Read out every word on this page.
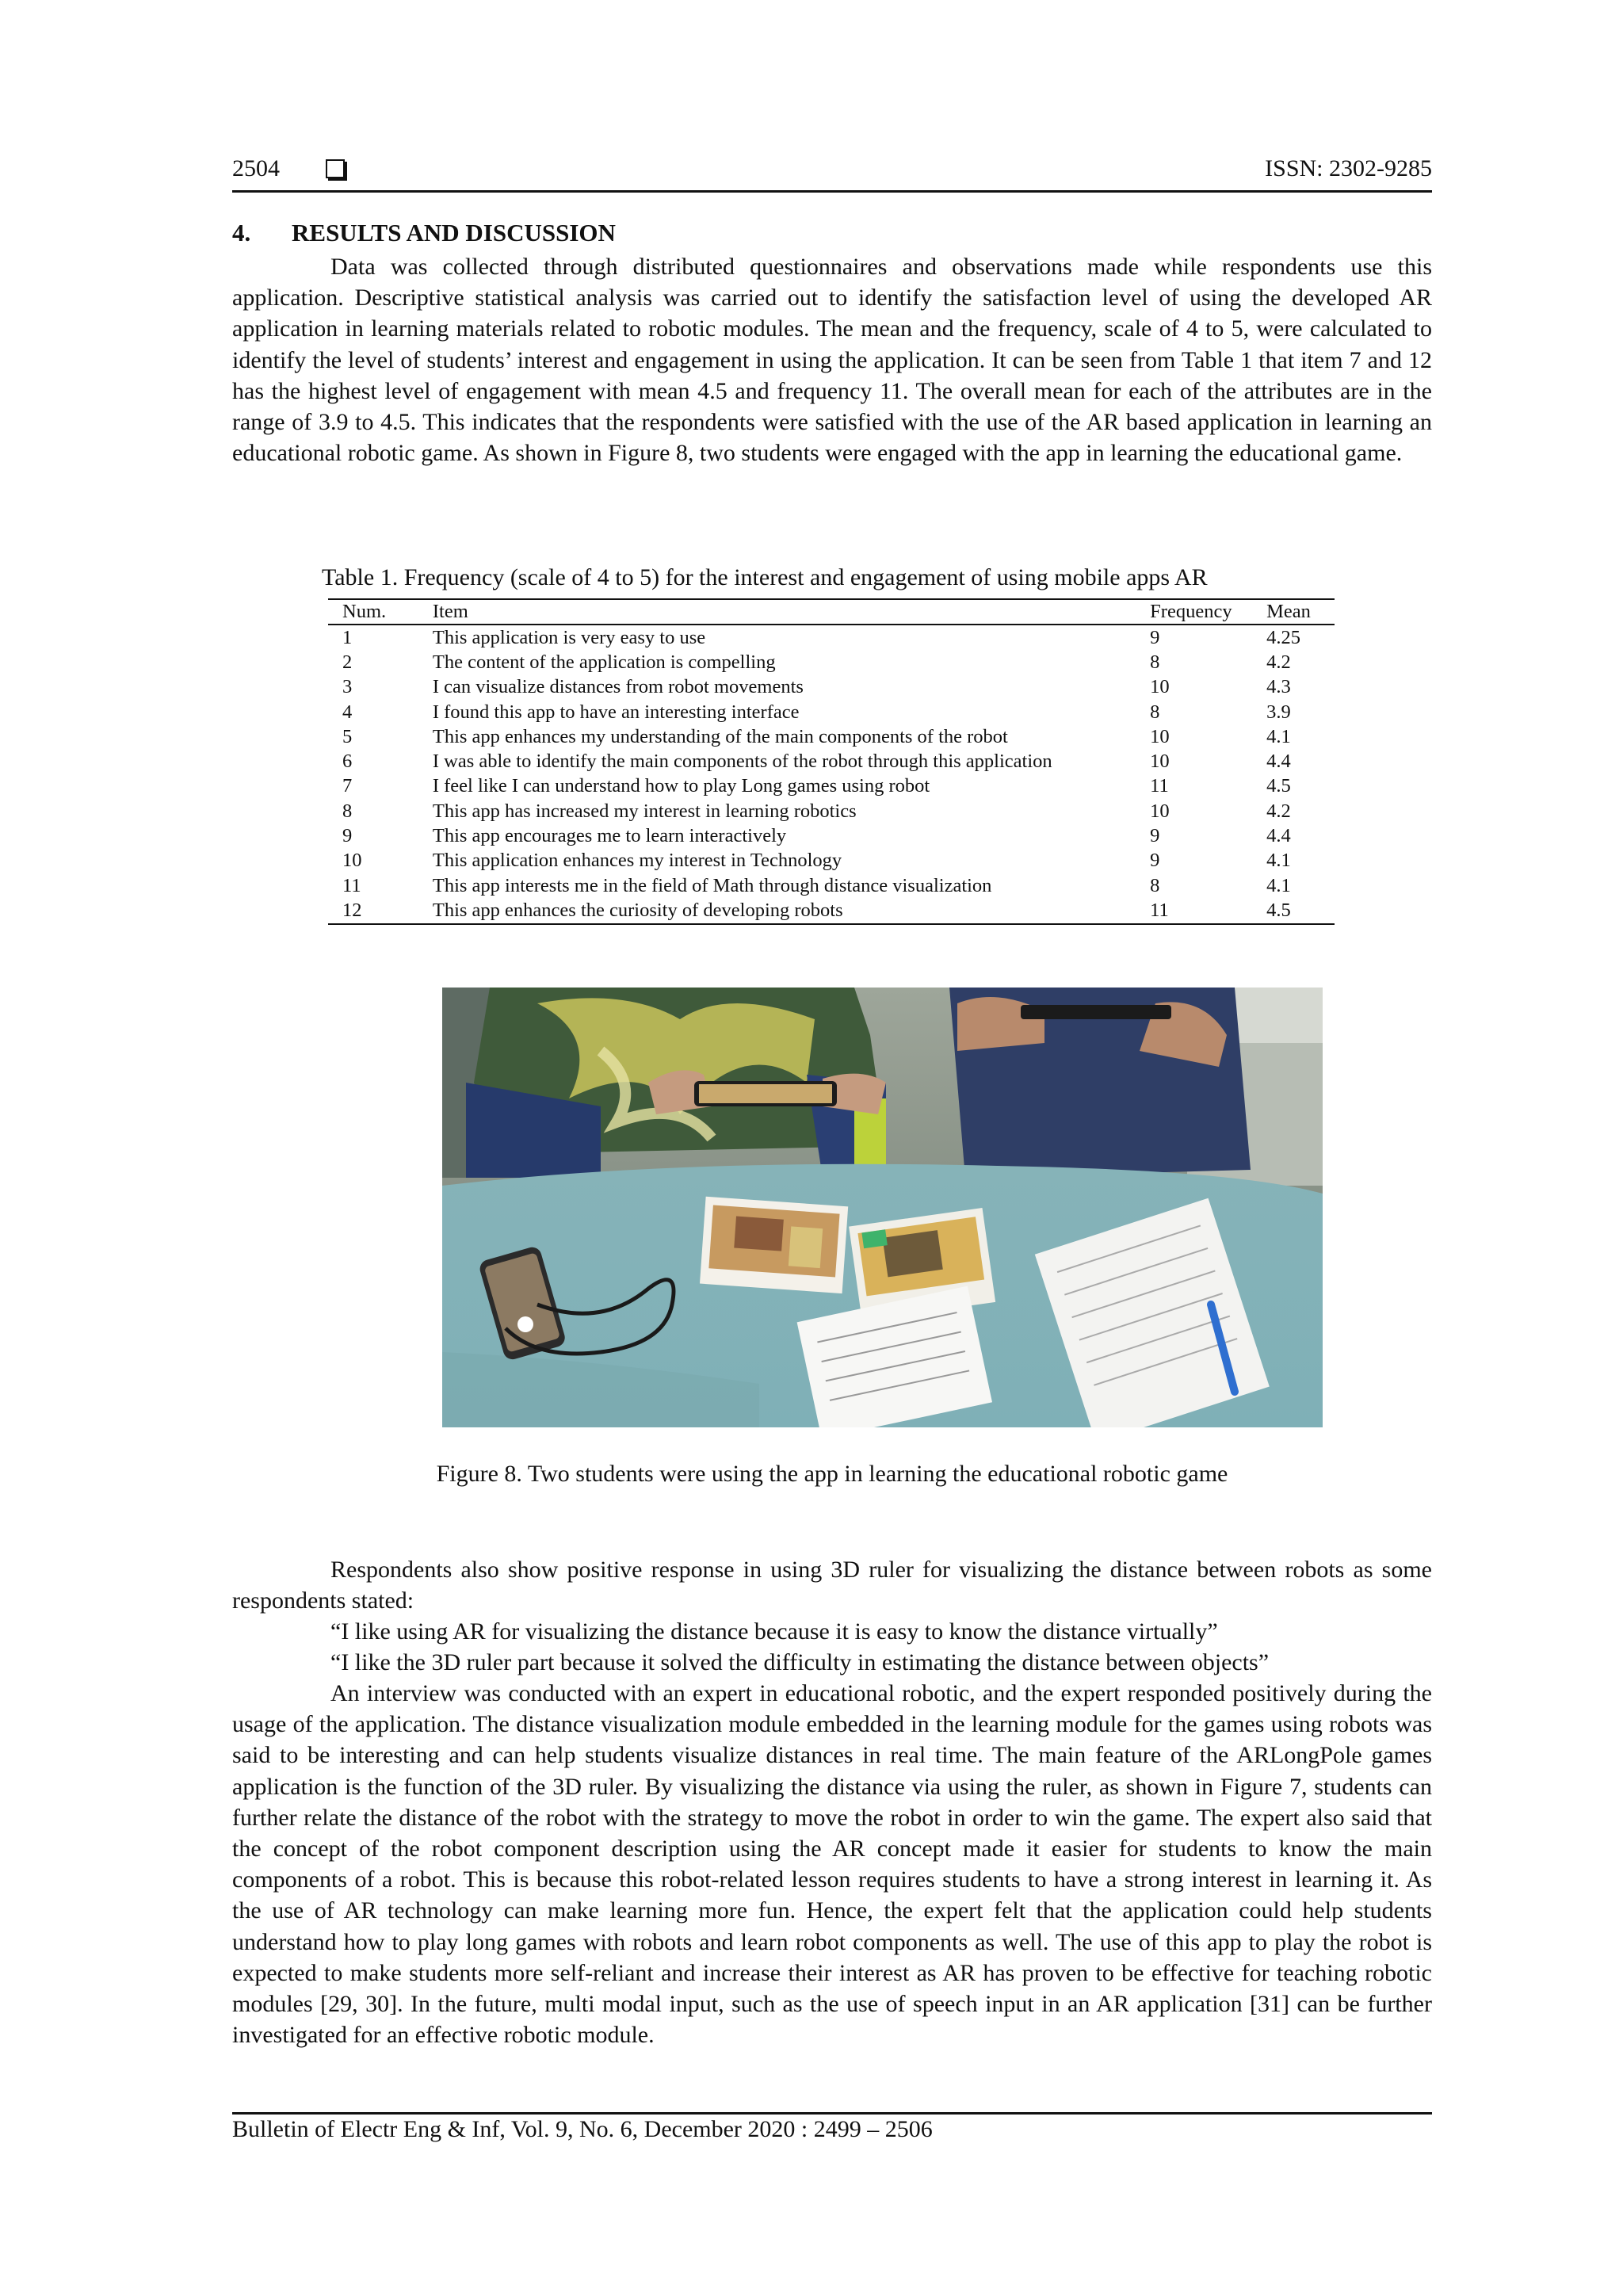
2504	ISSN: 2302-9285
4. RESULTS AND DISCUSSION
Data was collected through distributed questionnaires and observations made while respondents use this application. Descriptive statistical analysis was carried out to identify the satisfaction level of using the developed AR application in learning materials related to robotic modules. The mean and the frequency, scale of 4 to 5, were calculated to identify the level of students’ interest and engagement in using the application. It can be seen from Table 1 that item 7 and 12 has the highest level of engagement with mean 4.5 and frequency 11. The overall mean for each of the attributes are in the range of 3.9 to 4.5. This indicates that the respondents were satisfied with the use of the AR based application in learning an educational robotic game. As shown in Figure 8, two students were engaged with the app in learning the educational game.
Table 1. Frequency (scale of 4 to 5) for the interest and engagement of using mobile apps AR
Num.	Item	Frequency	Mean
1	This application is very easy to use	9	4.25
2	The content of the application is compelling	8	4.2
3	I can visualize distances from robot movements	10	4.3
4	I found this app to have an interesting interface	8	3.9
5	This app enhances my understanding of the main components of the robot	10	4.1
6	I was able to identify the main components of the robot through this application	10	4.4
7	I feel like I can understand how to play Long games using robot	11	4.5
8	This app has increased my interest in learning robotics	10	4.2
9	This app encourages me to learn interactively	9	4.4
10	This application enhances my interest in Technology	9	4.1
11	This app interests me in the field of Math through distance visualization	8	4.1
12	This app enhances the curiosity of developing robots	11	4.5
Figure 8. Two students were using the app in learning the educational robotic game
Respondents also show positive response in using 3D ruler for visualizing the distance between robots as some respondents stated:
“I like using AR for visualizing the distance because it is easy to know the distance virtually”
“I like the 3D ruler part because it solved the difficulty in estimating the distance between objects”
An interview was conducted with an expert in educational robotic, and the expert responded positively during the usage of the application. The distance visualization module embedded in the learning module for the games using robots was said to be interesting and can help students visualize distances in real time. The main feature of the ARLongPole games application is the function of the 3D ruler. By visualizing the distance via using the ruler, as shown in Figure 7, students can further relate the distance of the robot with the strategy to move the robot in order to win the game. The expert also said that the concept of the robot component description using the AR concept made it easier for students to know the main components of a robot. This is because this robot-related lesson requires students to have a strong interest in learning it. As the use of AR technology can make learning more fun. Hence, the expert felt that the application could help students understand how to play long games with robots and learn robot components as well. The use of this app to play the robot is expected to make students more self-reliant and increase their interest as AR has proven to be effective for teaching robotic modules [29, 30]. In the future, multi modal input, such as the use of speech input in an AR application [31] can be further investigated for an effective robotic module.
Bulletin of Electr Eng & Inf, Vol. 9, No. 6, December 2020 : 2499 – 2506
